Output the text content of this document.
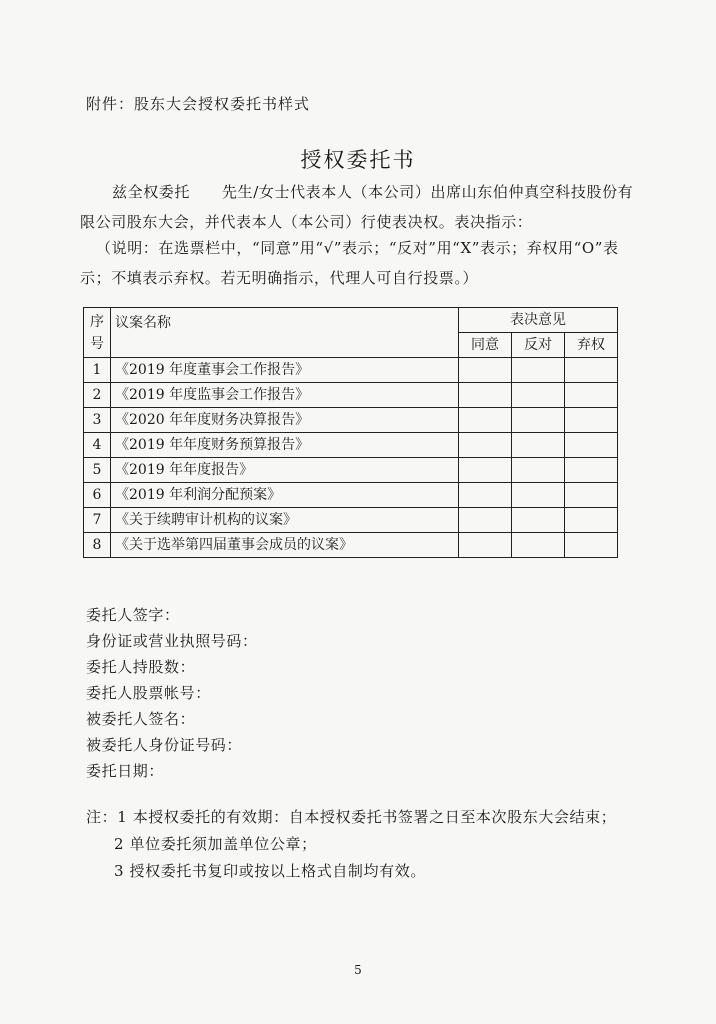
附件：股东大会授权委托书样式
授权委托书
兹全权委托 先生/女士代表本人（本公司）出席山东伯仲真空科技股份有限公司股东大会，并代表本人（本公司）行使表决权。表决指示：
（说明：在选票栏中，“同意”用“√”表示；“反对”用“X”表示；弃权用“O”表示；不填表示弃权。若无明确指示，代理人可自行投票。）
序号	议案名称	表决意见		
		同意	反对	弃权
1	《2019 年度董事会工作报告》			
2	《2019 年度监事会工作报告》			
3	《2020 年年度财务决算报告》			
4	《2019 年年度财务预算报告》			
5	《2019 年年度报告》			
6	《2019 年利润分配预案》			
7	《关于续聘审计机构的议案》			
8	《关于选举第四届董事会成员的议案》			
委托人签字：
身份证或营业执照号码：
委托人持股数：
委托人股票帐号：
被委托人签名：
被委托人身份证号码：
委托日期：
注：1 本授权委托的有效期：自本授权委托书签署之日至本次股东大会结束；
2 单位委托须加盖单位公章；
3 授权委托书复印或按以上格式自制均有效。
5
